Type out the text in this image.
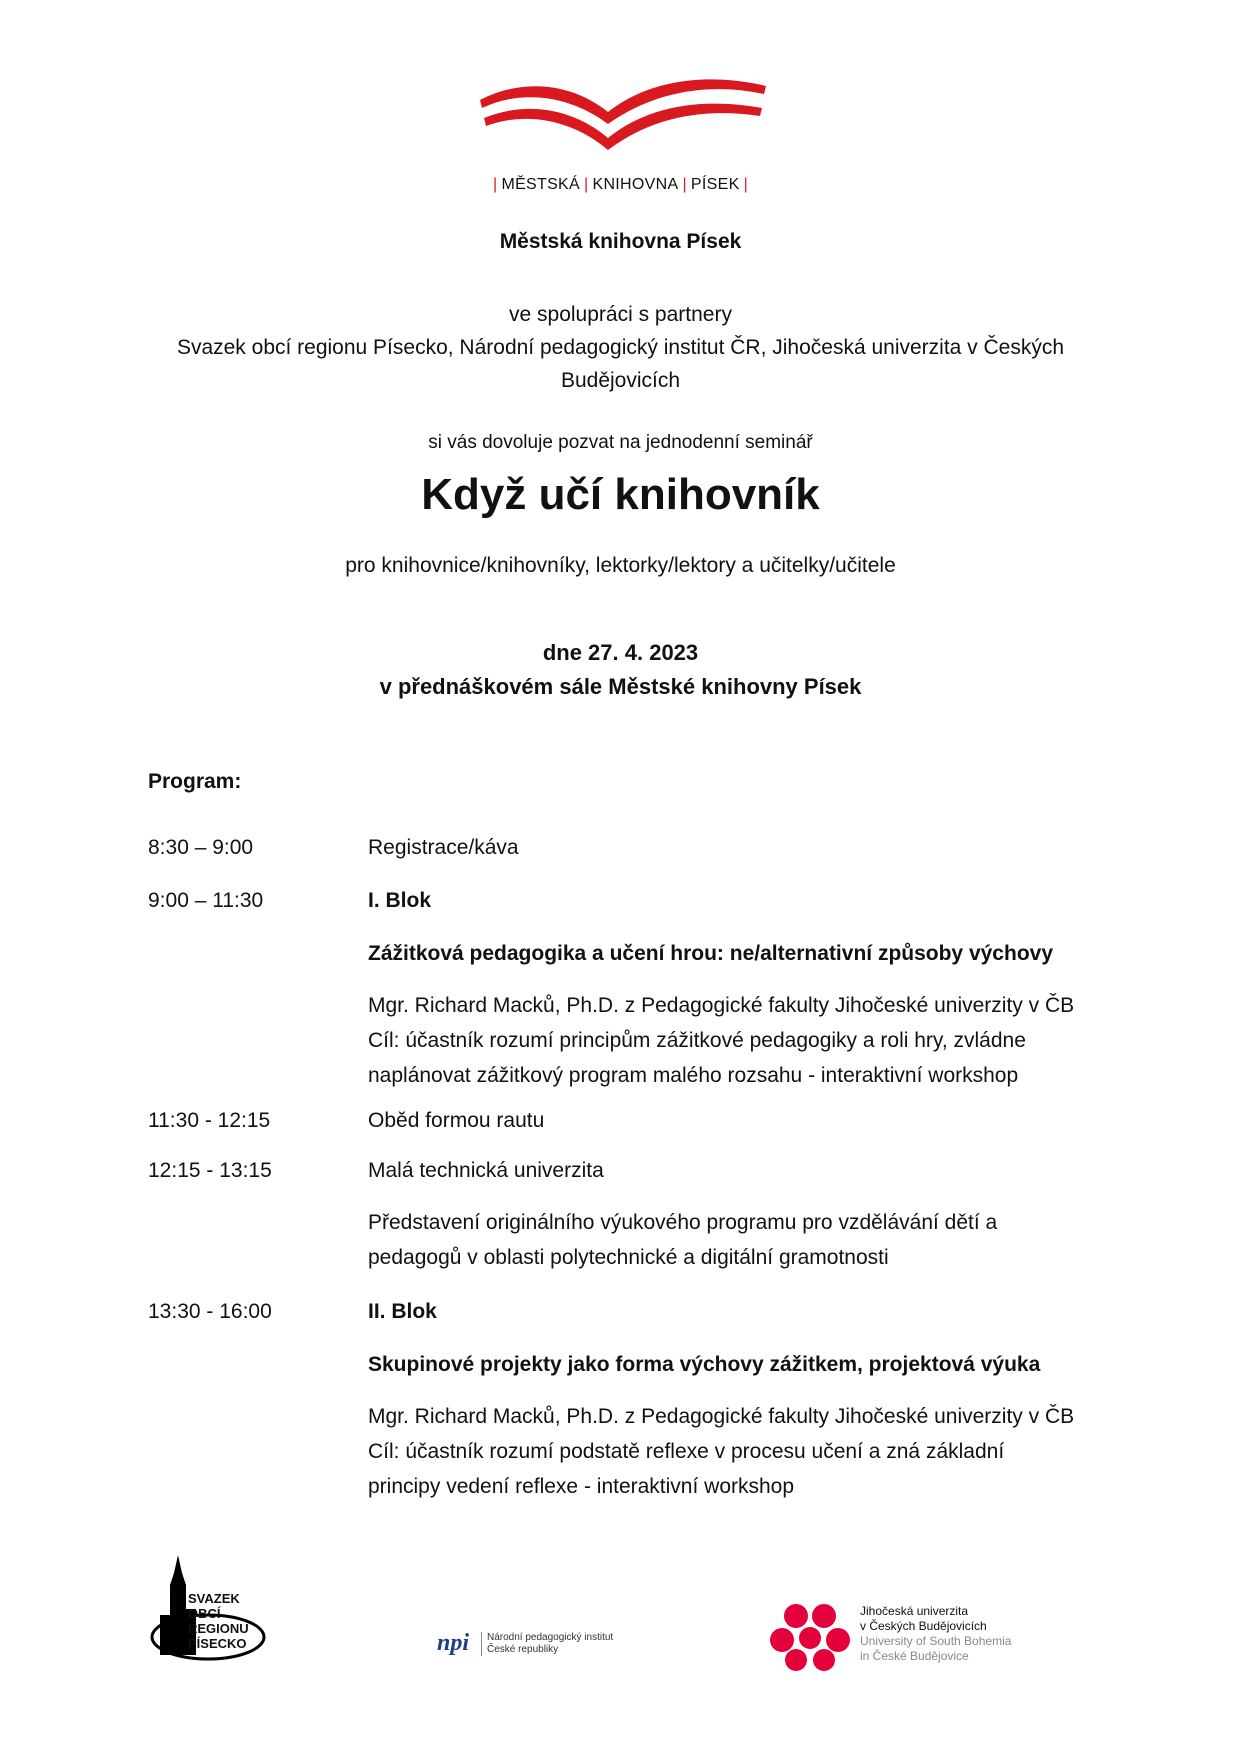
| MĚSTSKÁ | KNIHOVNA | PÍSEK |
Městská knihovna Písek
ve spolupráci s partnery
Svazek obcí regionu Písecko, Národní pedagogický institut ČR, Jihočeská univerzita v Českých
Budějovicích
si vás dovoluje pozvat na jednodenní seminář
Když učí knihovník
pro knihovnice/knihovníky, lektorky/lektory a učitelky/učitele
dne 27. 4. 2023
v přednáškovém sále Městské knihovny Písek
Program:
8:30 – 9:00	Registrace/káva
9:00 – 11:30	I. Blok
Zážitková pedagogika a učení hrou: ne/alternativní způsoby výchovy
Mgr. Richard Macků, Ph.D. z Pedagogické fakulty Jihočeské univerzity v ČB
Cíl: účastník rozumí principům zážitkové pedagogiky a roli hry, zvládne
naplánovat zážitkový program malého rozsahu - interaktivní workshop
11:30 - 12:15	Oběd formou rautu
12:15 - 13:15	Malá technická univerzita
Představení originálního výukového programu pro vzdělávání dětí a
pedagogů v oblasti polytechnické a digitální gramotnosti
13:30 - 16:00	II. Blok
Skupinové projekty jako forma výchovy zážitkem, projektová výuka
Mgr. Richard Macků, Ph.D. z Pedagogické fakulty Jihočeské univerzity v ČB
Cíl: účastník rozumí podstatě reflexe v procesu učení a zná základní
principy vedení reflexe - interaktivní workshop
SVAZEK
OBCÍ
REGIONU
PÍSECKO	npi Národní pedagogický institut
České republiky
Jihočeská univerzita
v Českých Budějovicích
University of South Bohemia
in České Budějovice
